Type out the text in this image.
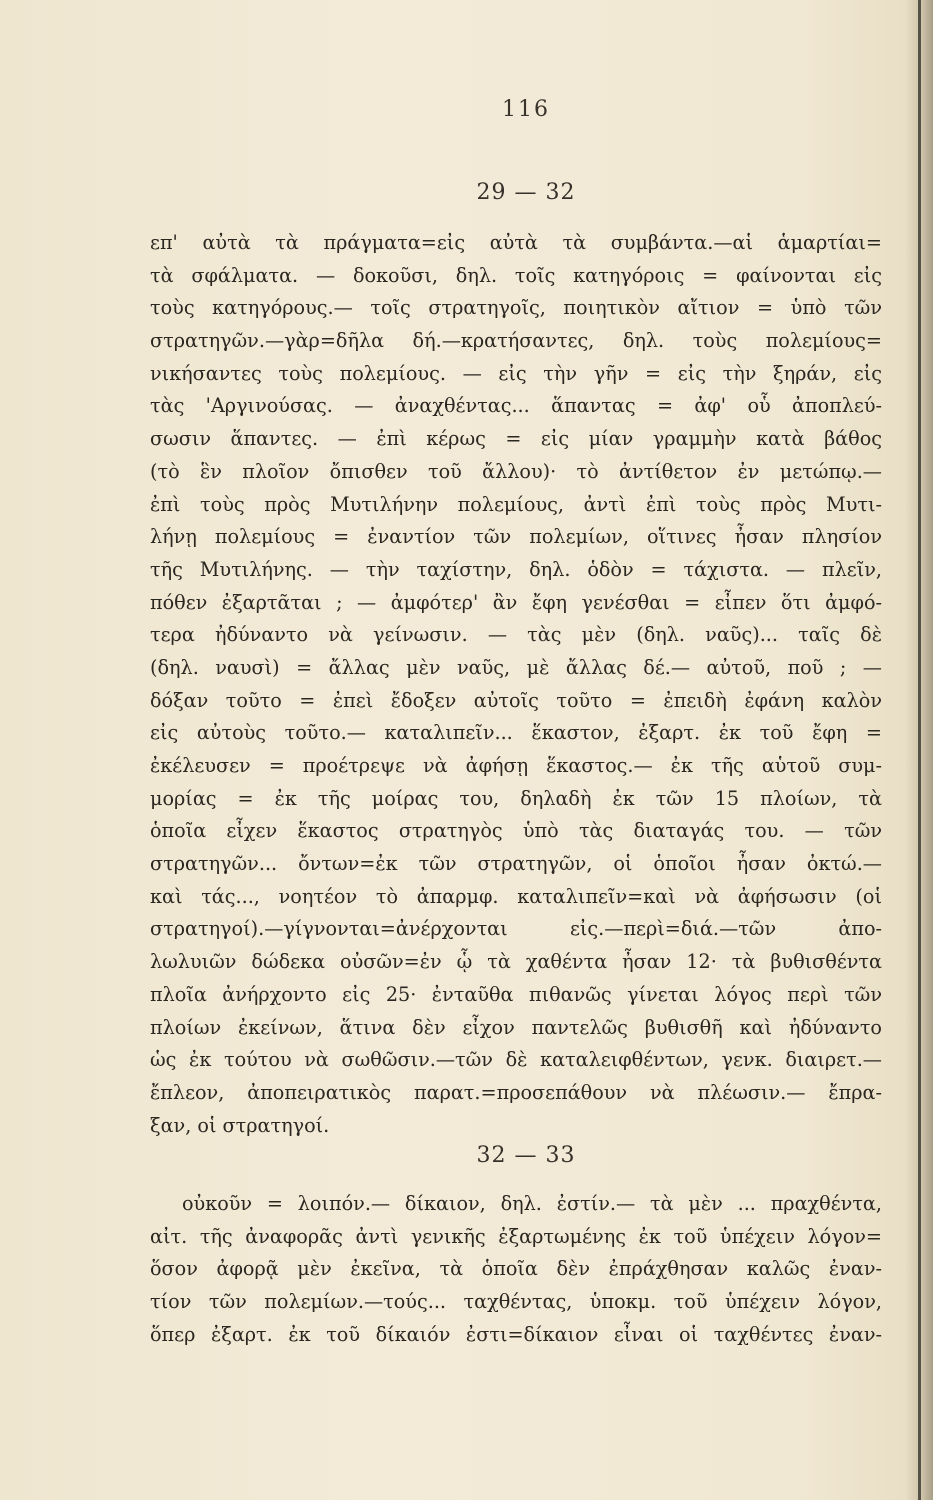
116
29 — 32
επ' αὐτὰ τὰ πράγματα=εἰς αὐτὰ τὰ συμβάντα.—αἱ ἁμαρτίαι=
τὰ σφάλματα. — δοκοῦσι, δηλ. τοῖς κατηγόροις = φαίνονται εἰς
τοὺς κατηγόρους.— τοῖς στρατηγοῖς, ποιητικὸν αἴτιον = ὑπὸ τῶν
στρατηγῶν.—γὰρ=δῆλα δή.—κρατήσαντες, δηλ. τοὺς πολεμίους=
νικήσαντες τοὺς πολεμίους. — εἰς τὴν γῆν = εἰς τὴν ξηράν, εἰς
τὰς 'Αργινούσας. — ἀναχθέντας... ἅπαντας = ἀφ' οὗ ἀποπλεύ-
σωσιν ἅπαντες. — ἐπὶ κέρως = εἰς μίαν γραμμὴν κατὰ βάθος
(τὸ ἓν πλοῖον ὄπισθεν τοῦ ἄλλου)· τὸ ἀντίθετον ἐν μετώπῳ.—
ἐπὶ τοὺς πρὸς Μυτιλήνην πολεμίους, ἀντὶ ἐπὶ τοὺς πρὸς Μυτι-
λήνῃ πολεμίους = ἐναντίον τῶν πολεμίων, οἵτινες ἦσαν πλησίον
τῆς Μυτιλήνης. — τὴν ταχίστην, δηλ. ὁδὸν = τάχιστα. — πλεῖν,
πόθεν ἐξαρτᾶται ; — ἀμφότερ' ἂν ἔφη γενέσθαι = εἶπεν ὅτι ἀμφό-
τερα ἠδύναντο νὰ γείνωσιν. — τὰς μὲν (δηλ. ναῦς)... ταῖς δὲ
(δηλ. ναυσὶ) = ἄλλας μὲν ναῦς, μὲ ἄλλας δέ.— αὐτοῦ, ποῦ ; —
δόξαν τοῦτο = ἐπεὶ ἔδοξεν αὐτοῖς τοῦτο = ἐπειδὴ ἐφάνη καλὸν
εἰς αὐτοὺς τοῦτο.— καταλιπεῖν... ἕκαστον, ἐξαρτ. ἐκ τοῦ ἔφη =
ἐκέλευσεν = προέτρεψε νὰ ἀφήσῃ ἕκαστος.— ἐκ τῆς αὑτοῦ συμ-
μορίας = ἐκ τῆς μοίρας του, δηλαδὴ ἐκ τῶν 15 πλοίων, τὰ
ὁποῖα εἶχεν ἕκαστος στρατηγὸς ὑπὸ τὰς διαταγάς του. — τῶν
στρατηγῶν... ὄντων=ἐκ τῶν στρατηγῶν, οἱ ὁποῖοι ἦσαν ὀκτώ.—
καὶ τάς..., νοητέον τὸ ἀπαρμφ. καταλιπεῖν=καὶ νὰ ἀφήσωσιν (οἱ
στρατηγοί).—γίγνονται=ἀνέρχονται εἰς.—περὶ=διά.—τῶν ἀπο-
λωλυιῶν δώδεκα οὐσῶν=ἐν ᾧ τὰ χαθέντα ἦσαν 12· τὰ βυθισθέντα
πλοῖα ἀνήρχοντο εἰς 25· ἐνταῦθα πιθανῶς γίνεται λόγος περὶ τῶν
πλοίων ἐκείνων, ἅτινα δὲν εἶχον παντελῶς βυθισθῆ καὶ ἠδύναντο
ὡς ἐκ τούτου νὰ σωθῶσιν.—τῶν δὲ καταλειφθέντων, γενκ. διαιρετ.—
ἔπλεον, ἀποπειρατικὸς παρατ.=προσεπάθουν νὰ πλέωσιν.— ἔπρα-
ξαν, οἱ στρατηγοί.
32 — 33
οὐκοῦν = λοιπόν.— δίκαιον, δηλ. ἐστίν.— τὰ μὲν ... πραχθέντα,
αἰτ. τῆς ἀναφορᾶς ἀντὶ γενικῆς ἐξαρτωμένης ἐκ τοῦ ὑπέχειν λόγον=
ὅσον ἀφορᾷ μὲν ἐκεῖνα, τὰ ὁποῖα δὲν ἐπράχθησαν καλῶς ἐναν-
τίον τῶν πολεμίων.—τούς... ταχθέντας, ὑποκμ. τοῦ ὑπέχειν λόγον,
ὅπερ ἐξαρτ. ἐκ τοῦ δίκαιόν ἐστι=δίκαιον εἶναι οἱ ταχθέντες ἐναν-
